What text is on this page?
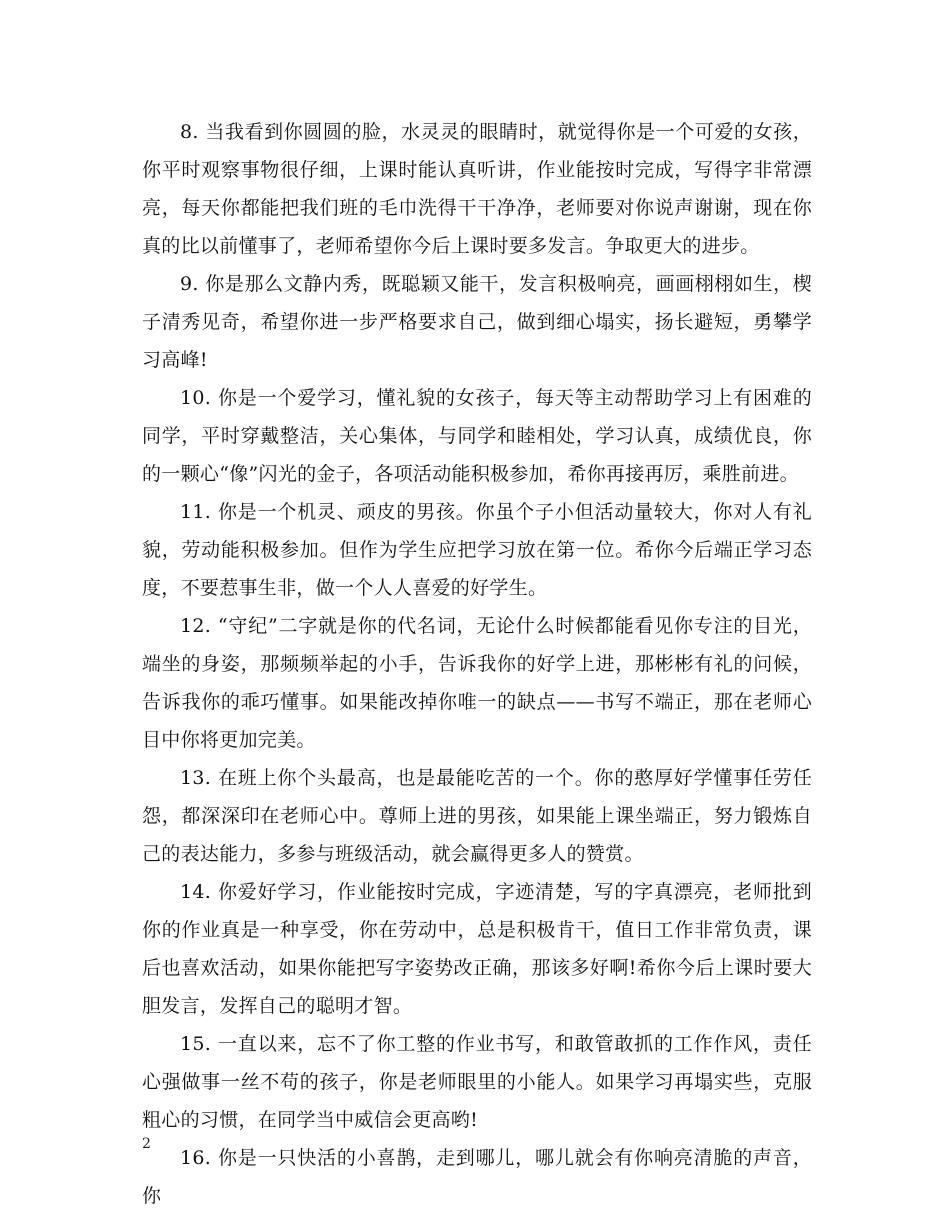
8. 当我看到你圆圆的脸，水灵灵的眼睛时，就觉得你是一个可爱的女孩，你平时观察事物很仔细，上课时能认真听讲，作业能按时完成，写得字非常漂亮，每天你都能把我们班的毛巾洗得干干净净，老师要对你说声谢谢，现在你真的比以前懂事了，老师希望你今后上课时要多发言。争取更大的进步。

9. 你是那么文静内秀，既聪颖又能干，发言积极响亮，画画栩栩如生，楔子清秀见奇，希望你进一步严格要求自己，做到细心塌实，扬长避短，勇攀学习高峰!

10. 你是一个爱学习，懂礼貌的女孩子，每天等主动帮助学习上有困难的同学，平时穿戴整洁，关心集体，与同学和睦相处，学习认真，成绩优良，你的一颗心“像”闪光的金子，各项活动能积极参加，希你再接再厉，乘胜前进。

11. 你是一个机灵、顽皮的男孩。你虽个子小但活动量较大，你对人有礼貌，劳动能积极参加。但作为学生应把学习放在第一位。希你今后端正学习态度，不要惹事生非，做一个人人喜爱的好学生。

12. “守纪”二字就是你的代名词，无论什么时候都能看见你专注的目光，端坐的身姿，那频频举起的小手，告诉我你的好学上进，那彬彬有礼的问候，告诉我你的乖巧懂事。如果能改掉你唯一的缺点——书写不端正，那在老师心目中你将更加完美。

13. 在班上你个头最高，也是最能吃苦的一个。你的憨厚好学懂事任劳任怨，都深深印在老师心中。尊师上进的男孩，如果能上课坐端正，努力锻炼自己的表达能力，多参与班级活动，就会赢得更多人的赞赏。

14. 你爱好学习，作业能按时完成，字迹清楚，写的字真漂亮，老师批到你的作业真是一种享受，你在劳动中，总是积极肯干，值日工作非常负责，课后也喜欢活动，如果你能把写字姿势改正确，那该多好啊!希你今后上课时要大胆发言，发挥自己的聪明才智。

15. 一直以来，忘不了你工整的作业书写，和敢管敢抓的工作作风，责任心强做事一丝不苟的孩子，你是老师眼里的小能人。如果学习再塌实些，克服粗心的习惯，在同学当中威信会更高哟!

16. 你是一只快活的小喜鹊，走到哪儿，哪儿就会有你响亮清脆的声音，你

2
